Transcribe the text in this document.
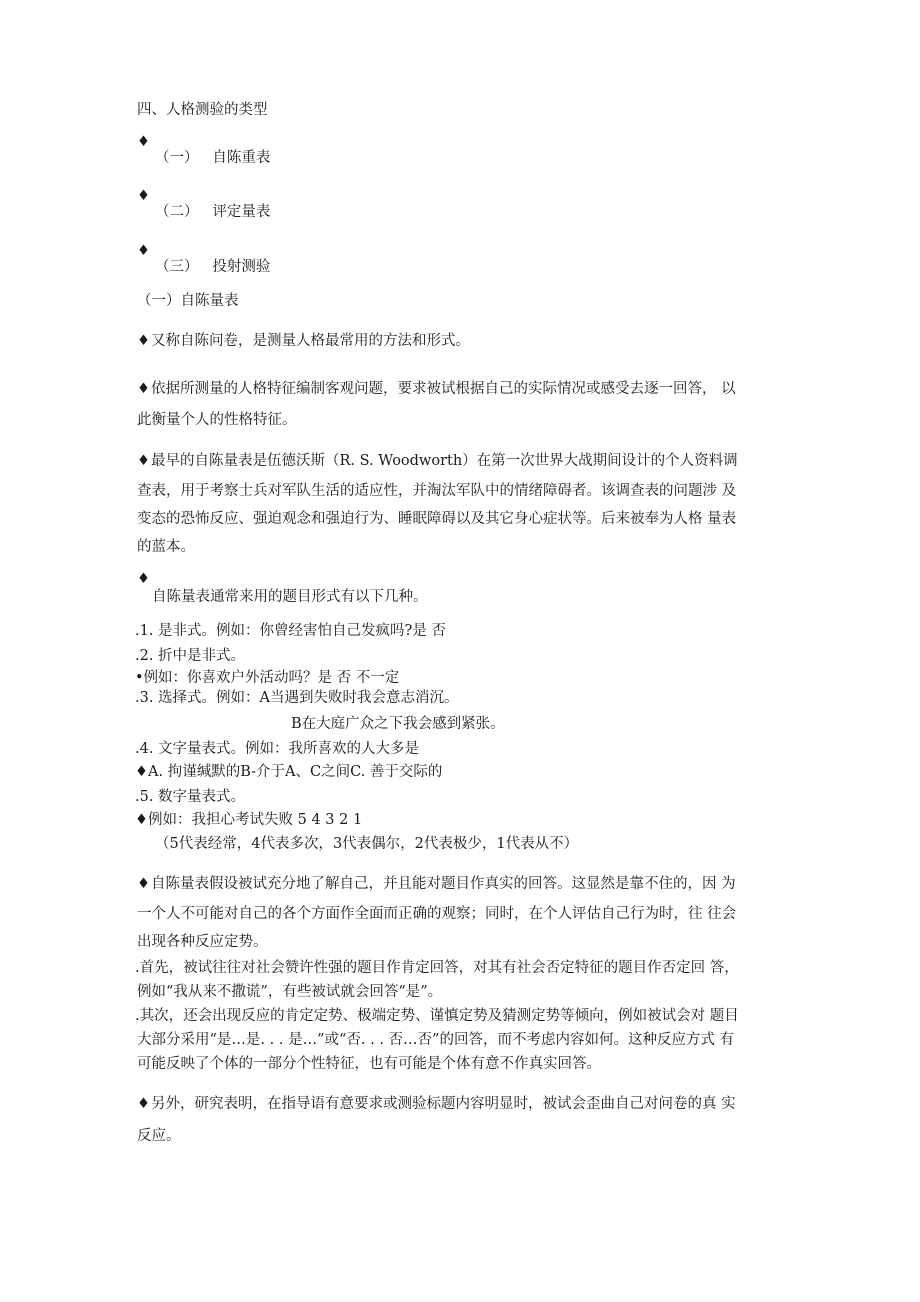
四、人格测验的类型
♦
（一） 自陈重表
♦
（二） 评定量表
♦
（三） 投射测验
（一）自陈量表
♦又称自陈问卷，是测量人格最常用的方法和形式。
♦依据所测量的人格特征编制客观问题，要求被试根据自己的实际情况或感受去逐一回答， 以
此衡量个人的性格特征。
♦最早的自陈量表是伍德沃斯（R. S. Woodworth）在第一次世界大战期间设计的个人资料调
查表，用于考察士兵对军队生活的适应性，并淘汰军队中的情绪障碍者。该调查表的问题涉 及
变态的恐怖反应、强迫观念和强迫行为、睡眠障碍以及其它身心症状等。后来被奉为人格 量表
的蓝本。
♦
自陈量表通常来用的题目形式有以下几种。
.1. 是非式。例如：你曾经害怕自己发疯吗?是 否
.2. 折中是非式。
•例如：你喜欢户外活动吗？是 否 不一定
.3. 选择式。例如：A当遇到失败时我会意志消沉。
B在大庭广众之下我会感到紧张。
.4. 文字量表式。例如：我所喜欢的人大多是
♦A. 拘谨缄默的B-介于A、C之间C. 善于交际的
.5. 数字量表式。
♦例如：我担心考试失败 5 4 3 2 1
（5代表经常，4代表多次，3代表偶尔，2代表极少，1代表从不）
♦自陈量表假设被试充分地了解自己，并且能对题目作真实的回答。这显然是靠不住的，因 为
一个人不可能对自己的各个方面作全面而正确的观察；同时，在个人评估自己行为时，往 往会
出现各种反应定势。
.首先，被试往往对社会赞许性强的题目作肯定回答，对其有社会否定特征的题目作否定回 答，
例如“我从来不撒谎”，有些被试就会回答“是”。
.其次，还会出现反应的肯定定势、极端定势、谨慎定势及猜测定势等倾向，例如被试会对 题目
大部分采用“是…是. . . 是…”或“否. . . 否…否”的回答，而不考虑内容如何。这种反应方式 有
可能反映了个体的一部分个性特征，也有可能是个体有意不作真实回答。
♦另外，研究表明，在指导语有意要求或测验标题内容明显时，被试会歪曲自己对问卷的真 实
反应。
